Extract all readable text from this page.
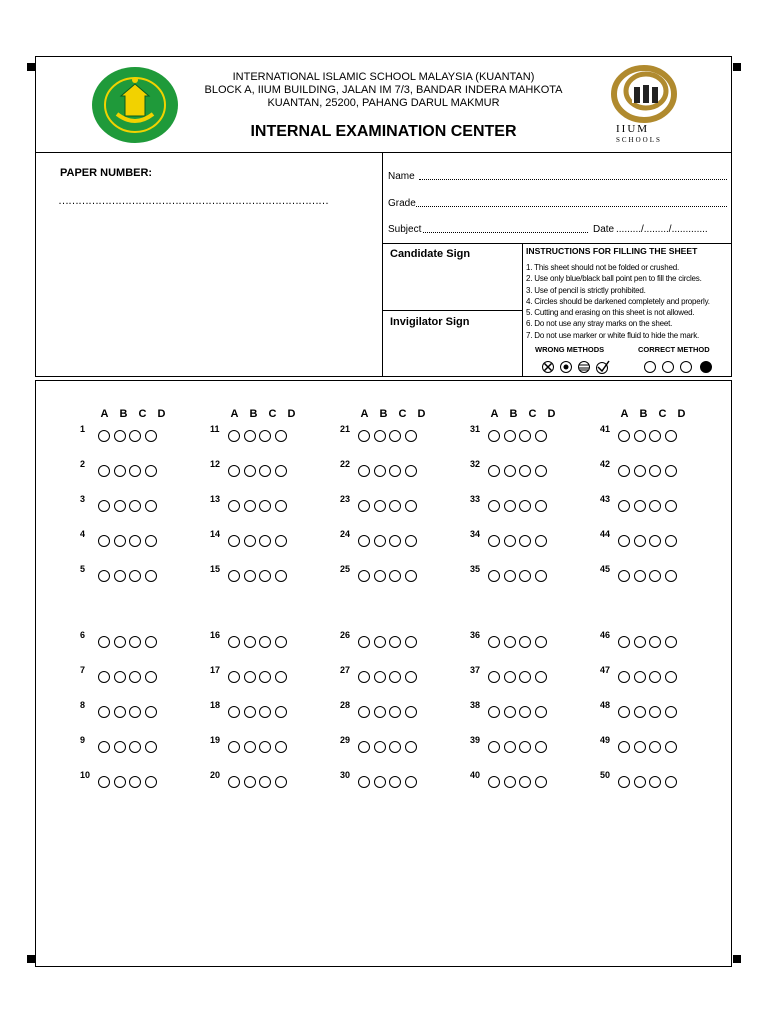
INTERNATIONAL ISLAMIC SCHOOL MALAYSIA (KUANTAN)
BLOCK A, IIUM BUILDING, JALAN IM 7/3, BANDAR INDERA MAHKOTA
KUANTAN, 25200, PAHANG DARUL MAKMUR
INTERNAL EXAMINATION CENTER	IIUM
SCHOOLS
PAPER NUMBER:
………………………………………………………………………
Name
Grade
Subject	Date ........./........./.............
Candidate Sign
Invigilator Sign
INSTRUCTIONS FOR FILLING THE SHEET
1. This sheet should not be folded or crushed.
2. Use only blue/black ball point pen to fill the circles.
3. Use of pencil is strictly prohibited.
4. Circles should be darkened completely and properly.
5. Cutting and erasing on this sheet is not allowed.
6. Do not use any stray marks on the sheet.
7. Do not use marker or white fluid to hide the mark.
WRONG METHODS	CORRECT METHOD
A B C D
1
2
3
4
5
6
7
8
9
10
A B C D
11
12
13
14
15
16
17
18
19
20
A B C D
21
22
23
24
25
26
27
28
29
30
A B C D
31
32
33
34
35
36
37
38
39
40
A B C D
41
42
43
44
45
46
47
48
49
50
